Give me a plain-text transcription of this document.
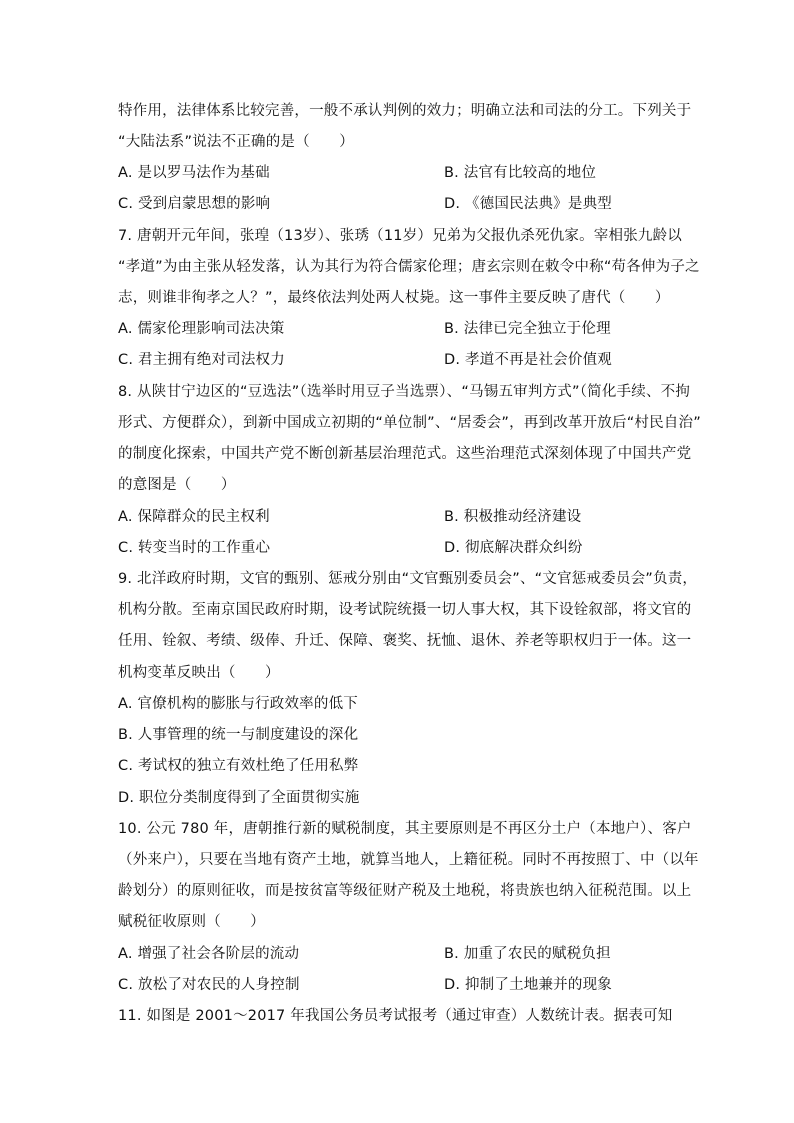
特作用，法律体系比较完善，一般不承认判例的效力；明确立法和司法的分工。下列关于
“大陆法系”说法不正确的是（　　）
A. 是以罗马法作为基础	B. 法官有比较高的地位
C. 受到启蒙思想的影响	D. 《德国民法典》是典型
7. 唐朝开元年间，张瑝（13岁）、张琇（11岁）兄弟为父报仇杀死仇家。宰相张九龄以
“孝道”为由主张从轻发落，认为其行为符合儒家伦理；唐玄宗则在敕令中称“苟各伸为子之
志，则谁非徇孝之人？”，最终依法判处两人杖毙。这一事件主要反映了唐代（　　）
A. 儒家伦理影响司法决策	B. 法律已完全独立于伦理
C. 君主拥有绝对司法权力	D. 孝道不再是社会价值观
8. 从陕甘宁边区的“豆选法”（选举时用豆子当选票）、“马锡五审判方式”（简化手续、不拘
形式、方便群众），到新中国成立初期的“单位制”、“居委会”，再到改革开放后“村民自治”
的制度化探索，中国共产党不断创新基层治理范式。这些治理范式深刻体现了中国共产党
的意图是（　　）
A. 保障群众的民主权利	B. 积极推动经济建设
C. 转变当时的工作重心	D. 彻底解决群众纠纷
9. 北洋政府时期，文官的甄别、惩戒分别由“文官甄别委员会”、“文官惩戒委员会”负责，
机构分散。至南京国民政府时期，设考试院统摄一切人事大权，其下设铨叙部，将文官的
任用、铨叙、考绩、级俸、升迁、保障、褒奖、抚恤、退休、养老等职权归于一体。这一
机构变革反映出（　　）
A. 官僚机构的膨胀与行政效率的低下
B. 人事管理的统一与制度建设的深化
C. 考试权的独立有效杜绝了任用私弊
D. 职位分类制度得到了全面贯彻实施
10. 公元 780 年，唐朝推行新的赋税制度，其主要原则是不再区分土户（本地户）、客户
（外来户），只要在当地有资产土地，就算当地人，上籍征税。同时不再按照丁、中（以年
龄划分）的原则征收，而是按贫富等级征财产税及土地税，将贵族也纳入征税范围。以上
赋税征收原则（　　）
A. 增强了社会各阶层的流动	B. 加重了农民的赋税负担
C. 放松了对农民的人身控制	D. 抑制了土地兼并的现象
11. 如图是 2001～2017 年我国公务员考试报考（通过审查）人数统计表。据表可知
